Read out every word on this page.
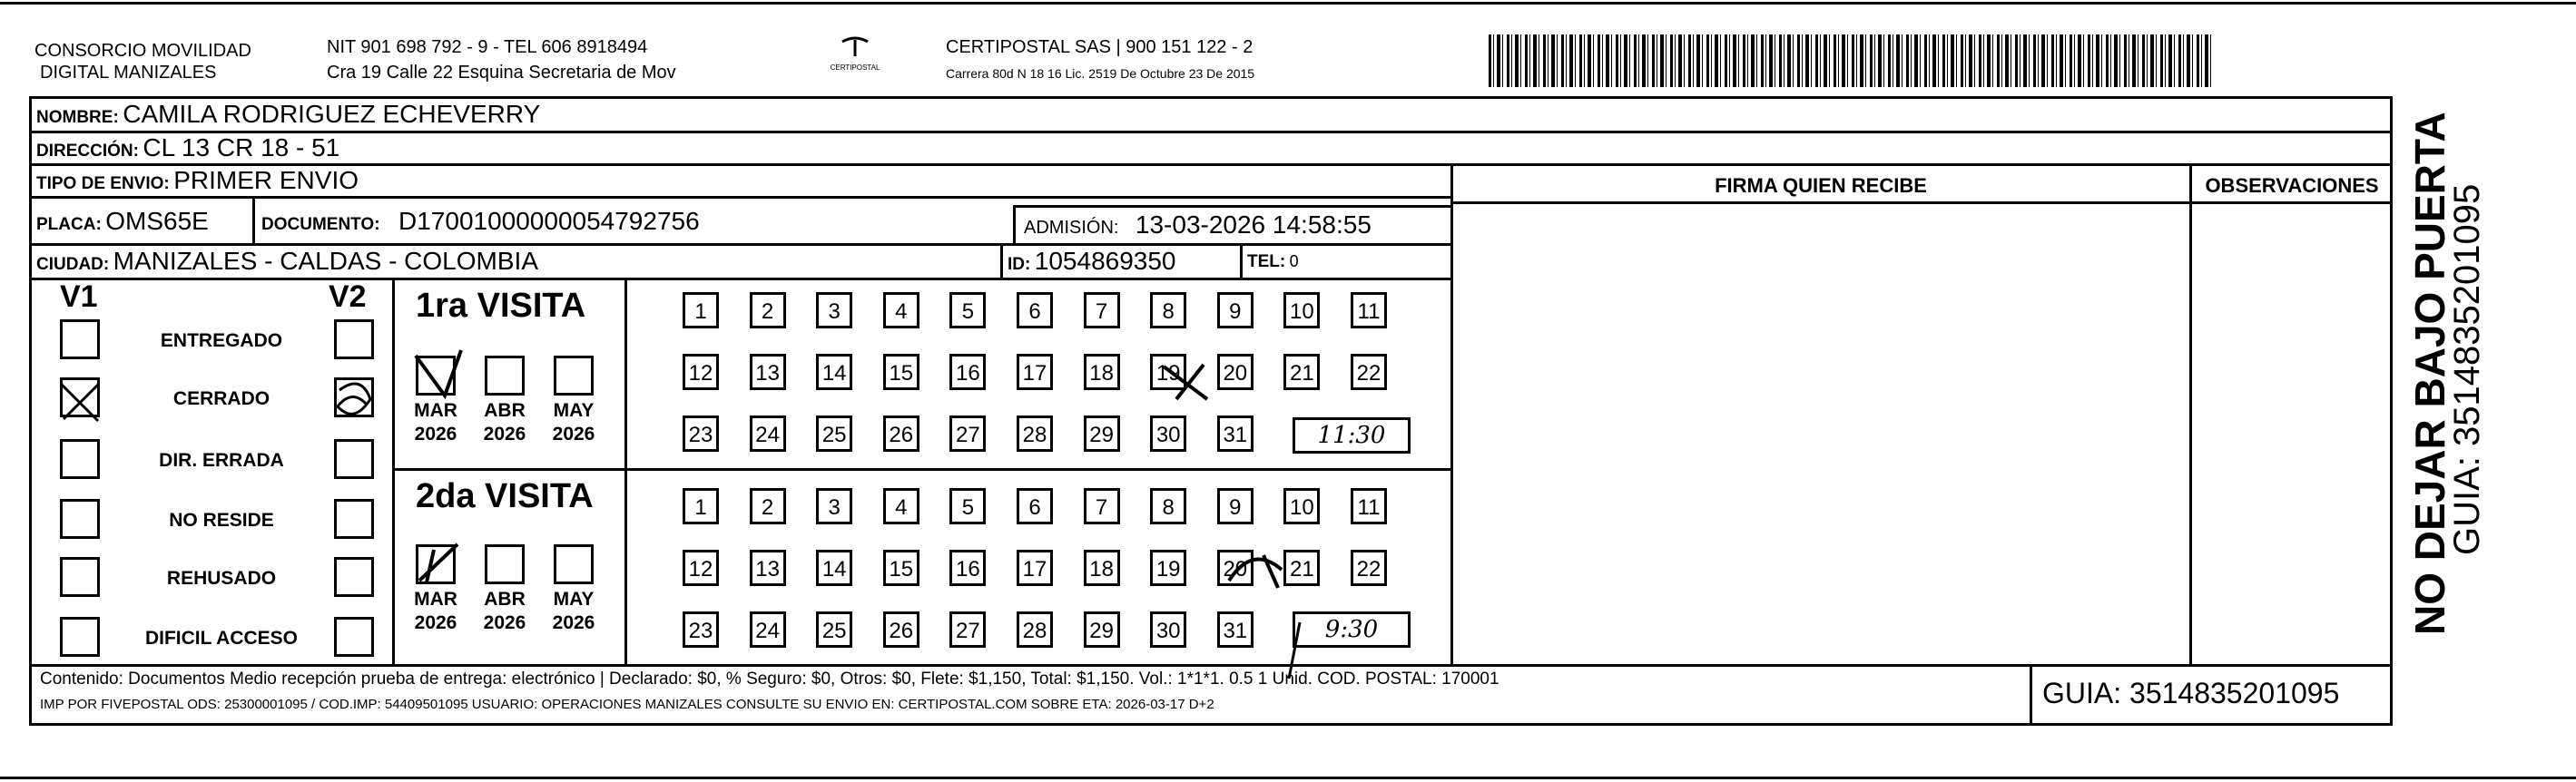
CONSORCIO MOVILIDAD
DIGITAL MANIZALES
NIT 901 698 792 - 9 - TEL 606 8918494
Cra 19 Calle 22 Esquina Secretaria de Mov	CERTIPOSTAL
CERTIPOSTAL SAS | 900 151 122 - 2
Carrera 80d N 18 16 Lic. 2519 De Octubre 23 De 2015
FIRMA QUIEN RECIBE	OBSERVACIONES
NOMBRE: CAMILA RODRIGUEZ ECHEVERRY
DIRECCIÓN: CL 13 CR 18 - 51
TIPO DE ENVIO: PRIMER ENVIO
PLACA: OMS65E	DOCUMENTO: D17001000000054792756	ADMISIÓN: 13-03-2026 14:58:55
CIUDAD: MANIZALES - CALDAS - COLOMBIA	ID: 1054869350	TEL: 0
V1	V2
ENTREGADO
CERRADO
DIR. ERRADA
NO RESIDE
REHUSADO
DIFICIL ACCESO
1ra VISITA
2da VISITA
MAR
2026
ABR
2026
MAY
2026
MAR
2026
ABR
2026
MAY
2026
1	2	3	4	5	6	7	8	9	10	11
12 13 14 15 16 17 18 19 20 21 22
23 24 25 26 27 28 29 30 31
1	2	3	4	5	6	7	8	9	10	11
12 13 14 15 16 17 18 19 20 21 22
23 24 25 26 27 28 29 30 31
11:30
9:30
Contenido: Documentos Medio recepción prueba de entrega: electrónico | Declarado: $0, % Seguro: $0, Otros: $0, Flete: $1,150, Total: $1,150. Vol.: 1*1*1. 0.5 1 Unid. COD. POSTAL: 170001
IMP POR FIVEPOSTAL ODS: 25300001095 / COD.IMP: 54409501095 USUARIO: OPERACIONES MANIZALES CONSULTE SU ENVIO EN: CERTIPOSTAL.COM SOBRE ETA: 2026-03-17 D+2	GUIA: 3514835201095
NO DEJAR BAJO PUERTA
GUIA: 3514835201095
